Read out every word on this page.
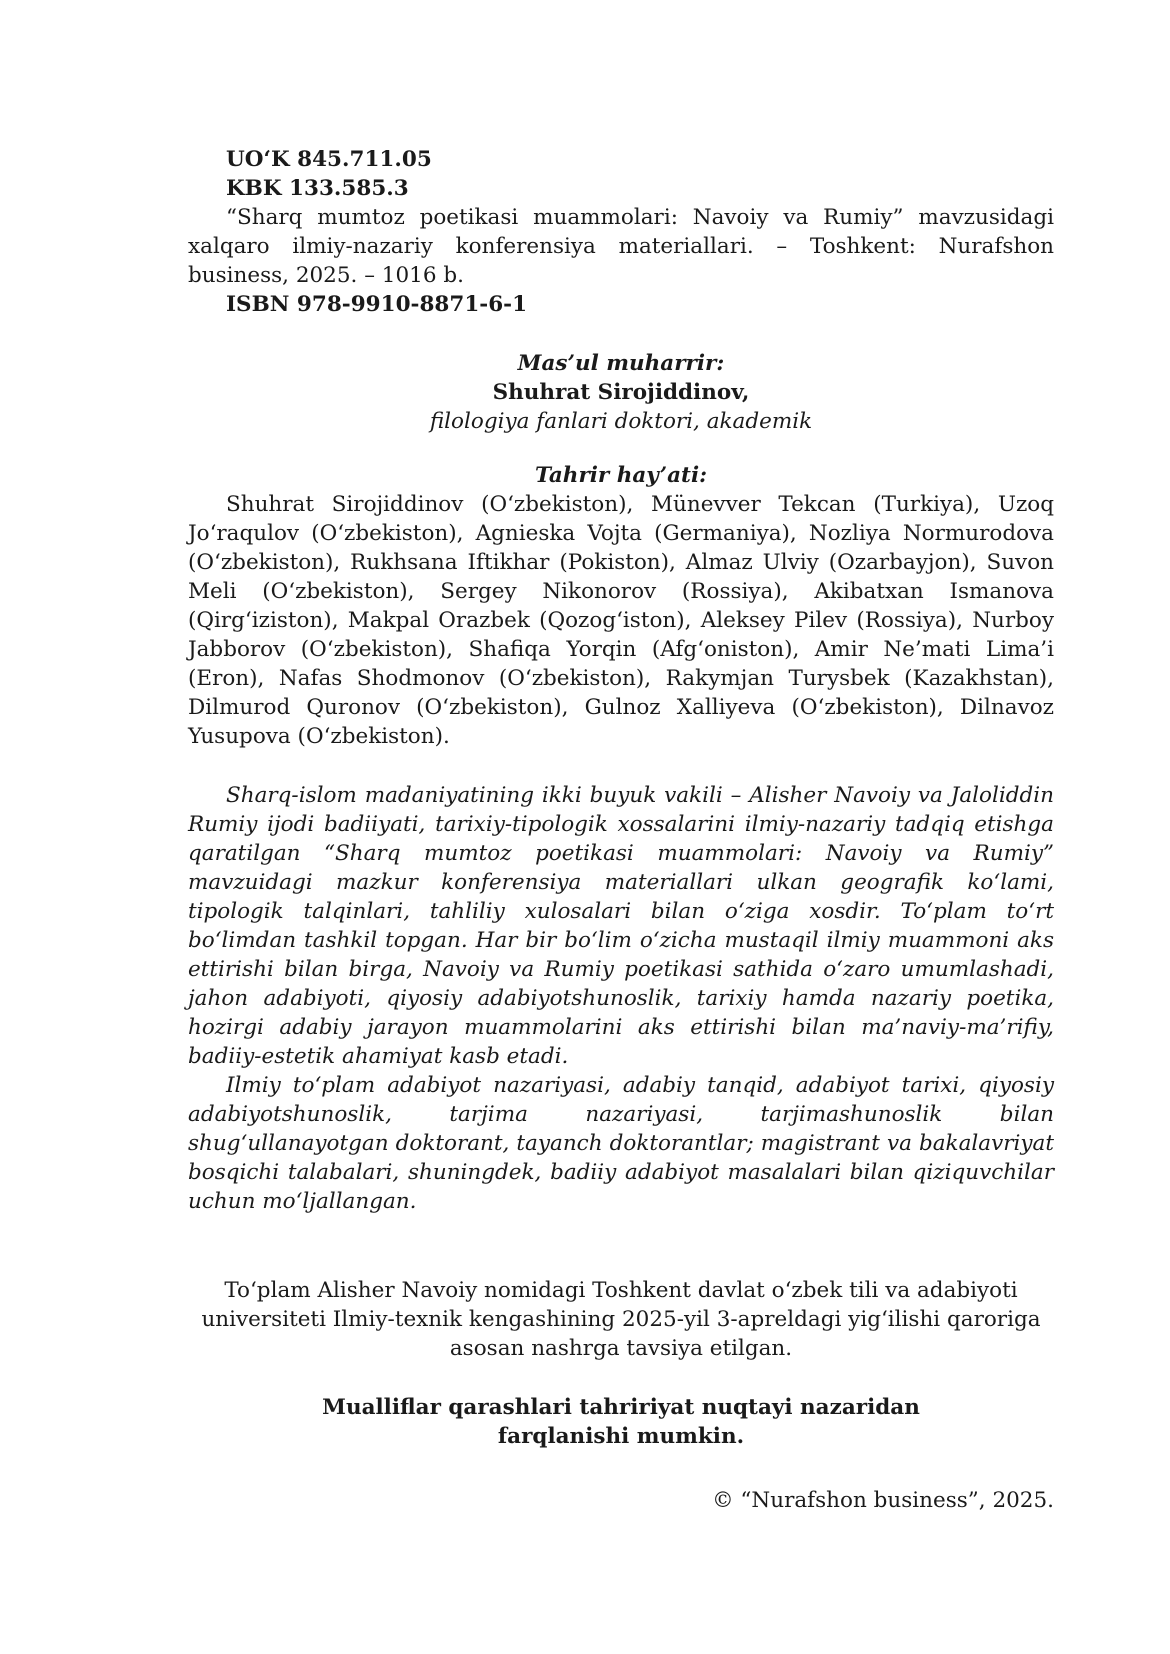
UO‘K 845.711.05

KBK 133.585.3

“Sharq mumtoz poetikasi muammolari: Navoiy va Rumiy” mavzusidagi xalqaro ilmiy-nazariy konferensiya materiallari. – Toshkent: Nurafshon business, 2025. – 1016 b.

ISBN 978-9910-8871-6-1

Mas’ul muharrir:

Shuhrat Sirojiddinov,

filologiya fanlari doktori, akademik

Tahrir hay’ati:

Shuhrat Sirojiddinov (O‘zbekiston), Münevver Tekcan (Turkiya), Uzoq Jo‘raqulov (O‘zbekiston), Agnieska Vojta (Germaniya), Nozliya Normurodova (O‘zbekiston), Rukhsana Iftikhar (Pokiston), Almaz Ulviy (Ozarbayjon), Suvon Meli (O‘zbekiston), Sergey Nikonorov (Rossiya), Akibatxan Ismanova (Qirg‘iziston), Makpal Orazbek (Qozog‘iston), Aleksey Pilev (Rossiya), Nurboy Jabborov (O‘zbekiston), Shafiqa Yorqin (Afg‘oniston), Amir Ne’mati Lima’i (Eron), Nafas Shodmonov (O‘zbekiston), Rakymjan Turysbek (Kazakhstan), Dilmurod Quronov (O‘zbekiston), Gulnoz Xalliyeva (O‘zbekiston), Dilnavoz Yusupova (O‘zbekiston).

Sharq-islom madaniyatining ikki buyuk vakili – Alisher Navoiy va Jaloliddin Rumiy ijodi badiiyati, tarixiy-tipologik xossalarini ilmiy-nazariy tadqiq etishga qaratilgan “Sharq mumtoz poetikasi muammolari: Navoiy va Rumiy” mavzuidagi mazkur konferensiya materiallari ulkan geografik ko‘lami, tipologik talqinlari, tahliliy xulosalari bilan o‘ziga xosdir. To‘plam to‘rt bo‘limdan tashkil topgan. Har bir bo‘lim o‘zicha mustaqil ilmiy muammoni aks ettirishi bilan birga, Navoiy va Rumiy poetikasi sathida o‘zaro umumlashadi, jahon adabiyoti, qiyosiy adabiyotshunoslik, tarixiy hamda nazariy poetika, hozirgi adabiy jarayon muammolarini aks ettirishi bilan ma’naviy-ma’rifiy, badiiy-estetik ahamiyat kasb etadi.

Ilmiy to‘plam adabiyot nazariyasi, adabiy tanqid, adabiyot tarixi, qiyosiy adabiyotshunoslik, tarjima nazariyasi, tarjimashunoslik bilan shug‘ullanayotgan doktorant, tayanch doktorantlar; magistrant va bakalavriyat bosqichi talabalari, shuningdek, badiiy adabiyot masalalari bilan qiziquvchilar uchun mo‘ljallangan.

To‘plam Alisher Navoiy nomidagi Toshkent davlat o‘zbek tili va adabiyoti

universiteti Ilmiy-texnik kengashining 2025-yil 3-apreldagi yig‘ilishi qaroriga

asosan nashrga tavsiya etilgan.

Mualliflar qarashlari tahririyat nuqtayi nazaridan

farqlanishi mumkin.

© “Nurafshon business”, 2025.
